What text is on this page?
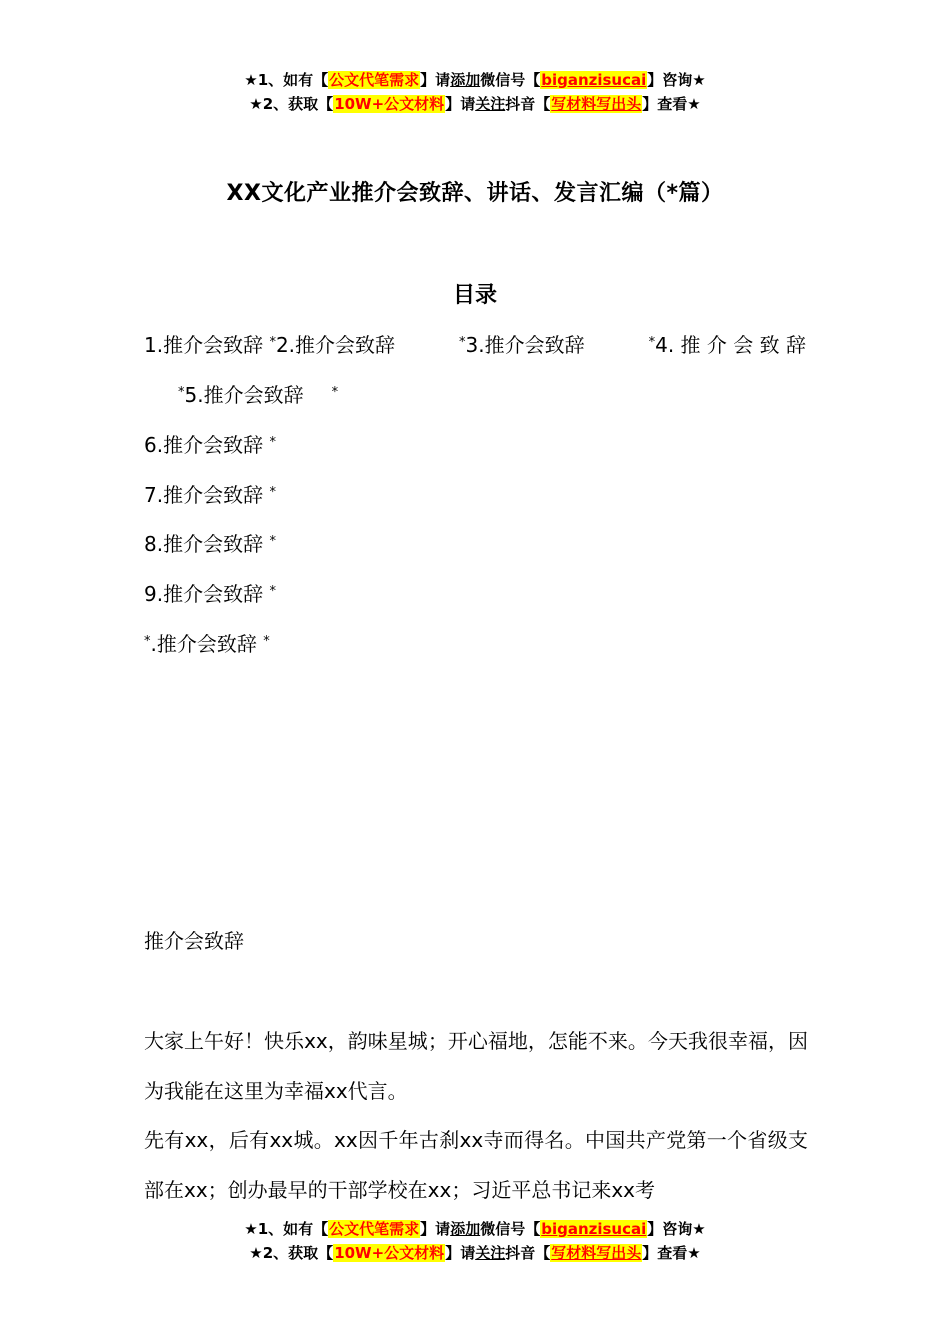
★1、如有【公文代笔需求】请添加微信号【biganzisucai】咨询★
★2、获取【10W+公文材料】请关注抖音【写材料写出头】查看★
XX文化产业推介会致辞、讲话、发言汇编（*篇）
目录
1.推介会致辞 *2.推介会致辞	*3.推介会致辞	*4. 推 介 会 致 辞
*5.推介会致辞 *
6.推介会致辞 *
7.推介会致辞 *
8.推介会致辞 *
9.推介会致辞 *
*.推介会致辞 *
推介会致辞
大家上午好！快乐xx，韵味星城；开心福地，怎能不来。今天我很幸福，因为我能在这里为幸福xx代言。
先有xx，后有xx城。xx因千年古刹xx寺而得名。中国共产党第一个省级支部在xx；创办最早的干部学校在xx；习近平总书记来xx考
★1、如有【公文代笔需求】请添加微信号【biganzisucai】咨询★
★2、获取【10W+公文材料】请关注抖音【写材料写出头】查看★
